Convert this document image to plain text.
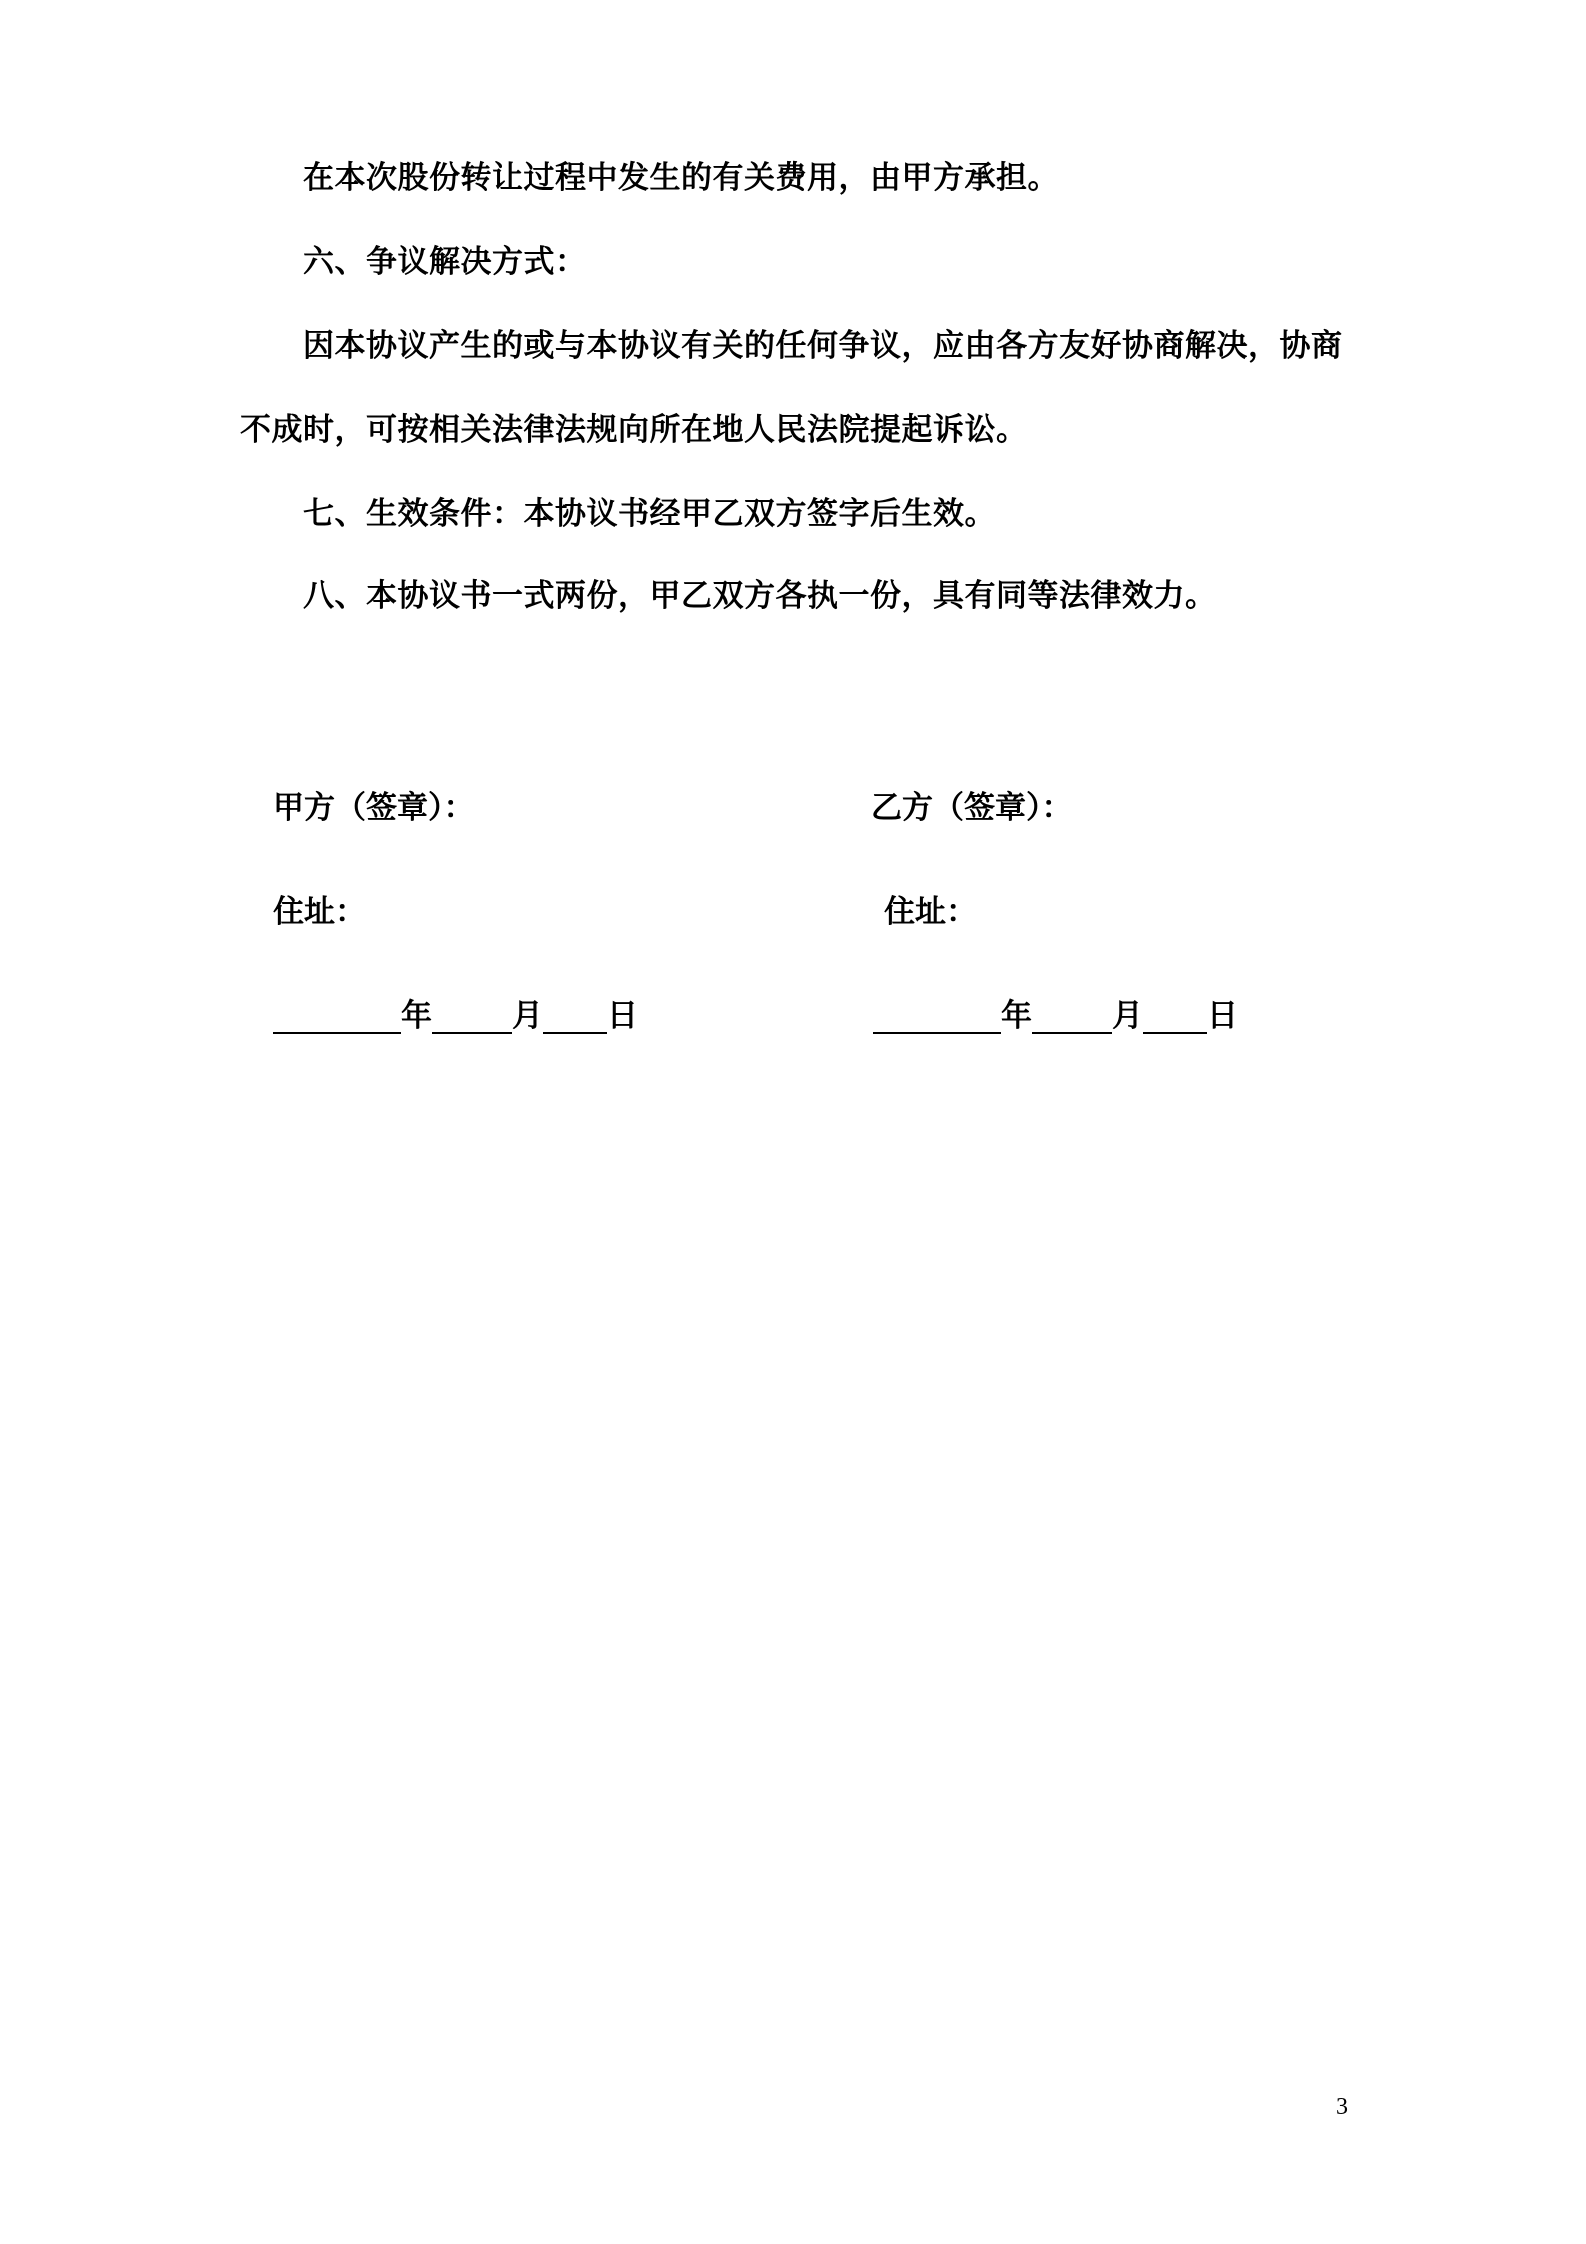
在本次股份转让过程中发生的有关费用，由甲方承担。
六、争议解决方式：
因本协议产生的或与本协议有关的任何争议，应由各方友好协商解决，协商
不成时，可按相关法律法规向所在地人民法院提起诉讼。
七、生效条件：本协议书经甲乙双方签字后生效。
八、本协议书一式两份，甲乙双方各执一份，具有同等法律效力。
甲方（签章）：	乙方（签章）：
住址：	住址：
年	月 日	年	月 日
3
